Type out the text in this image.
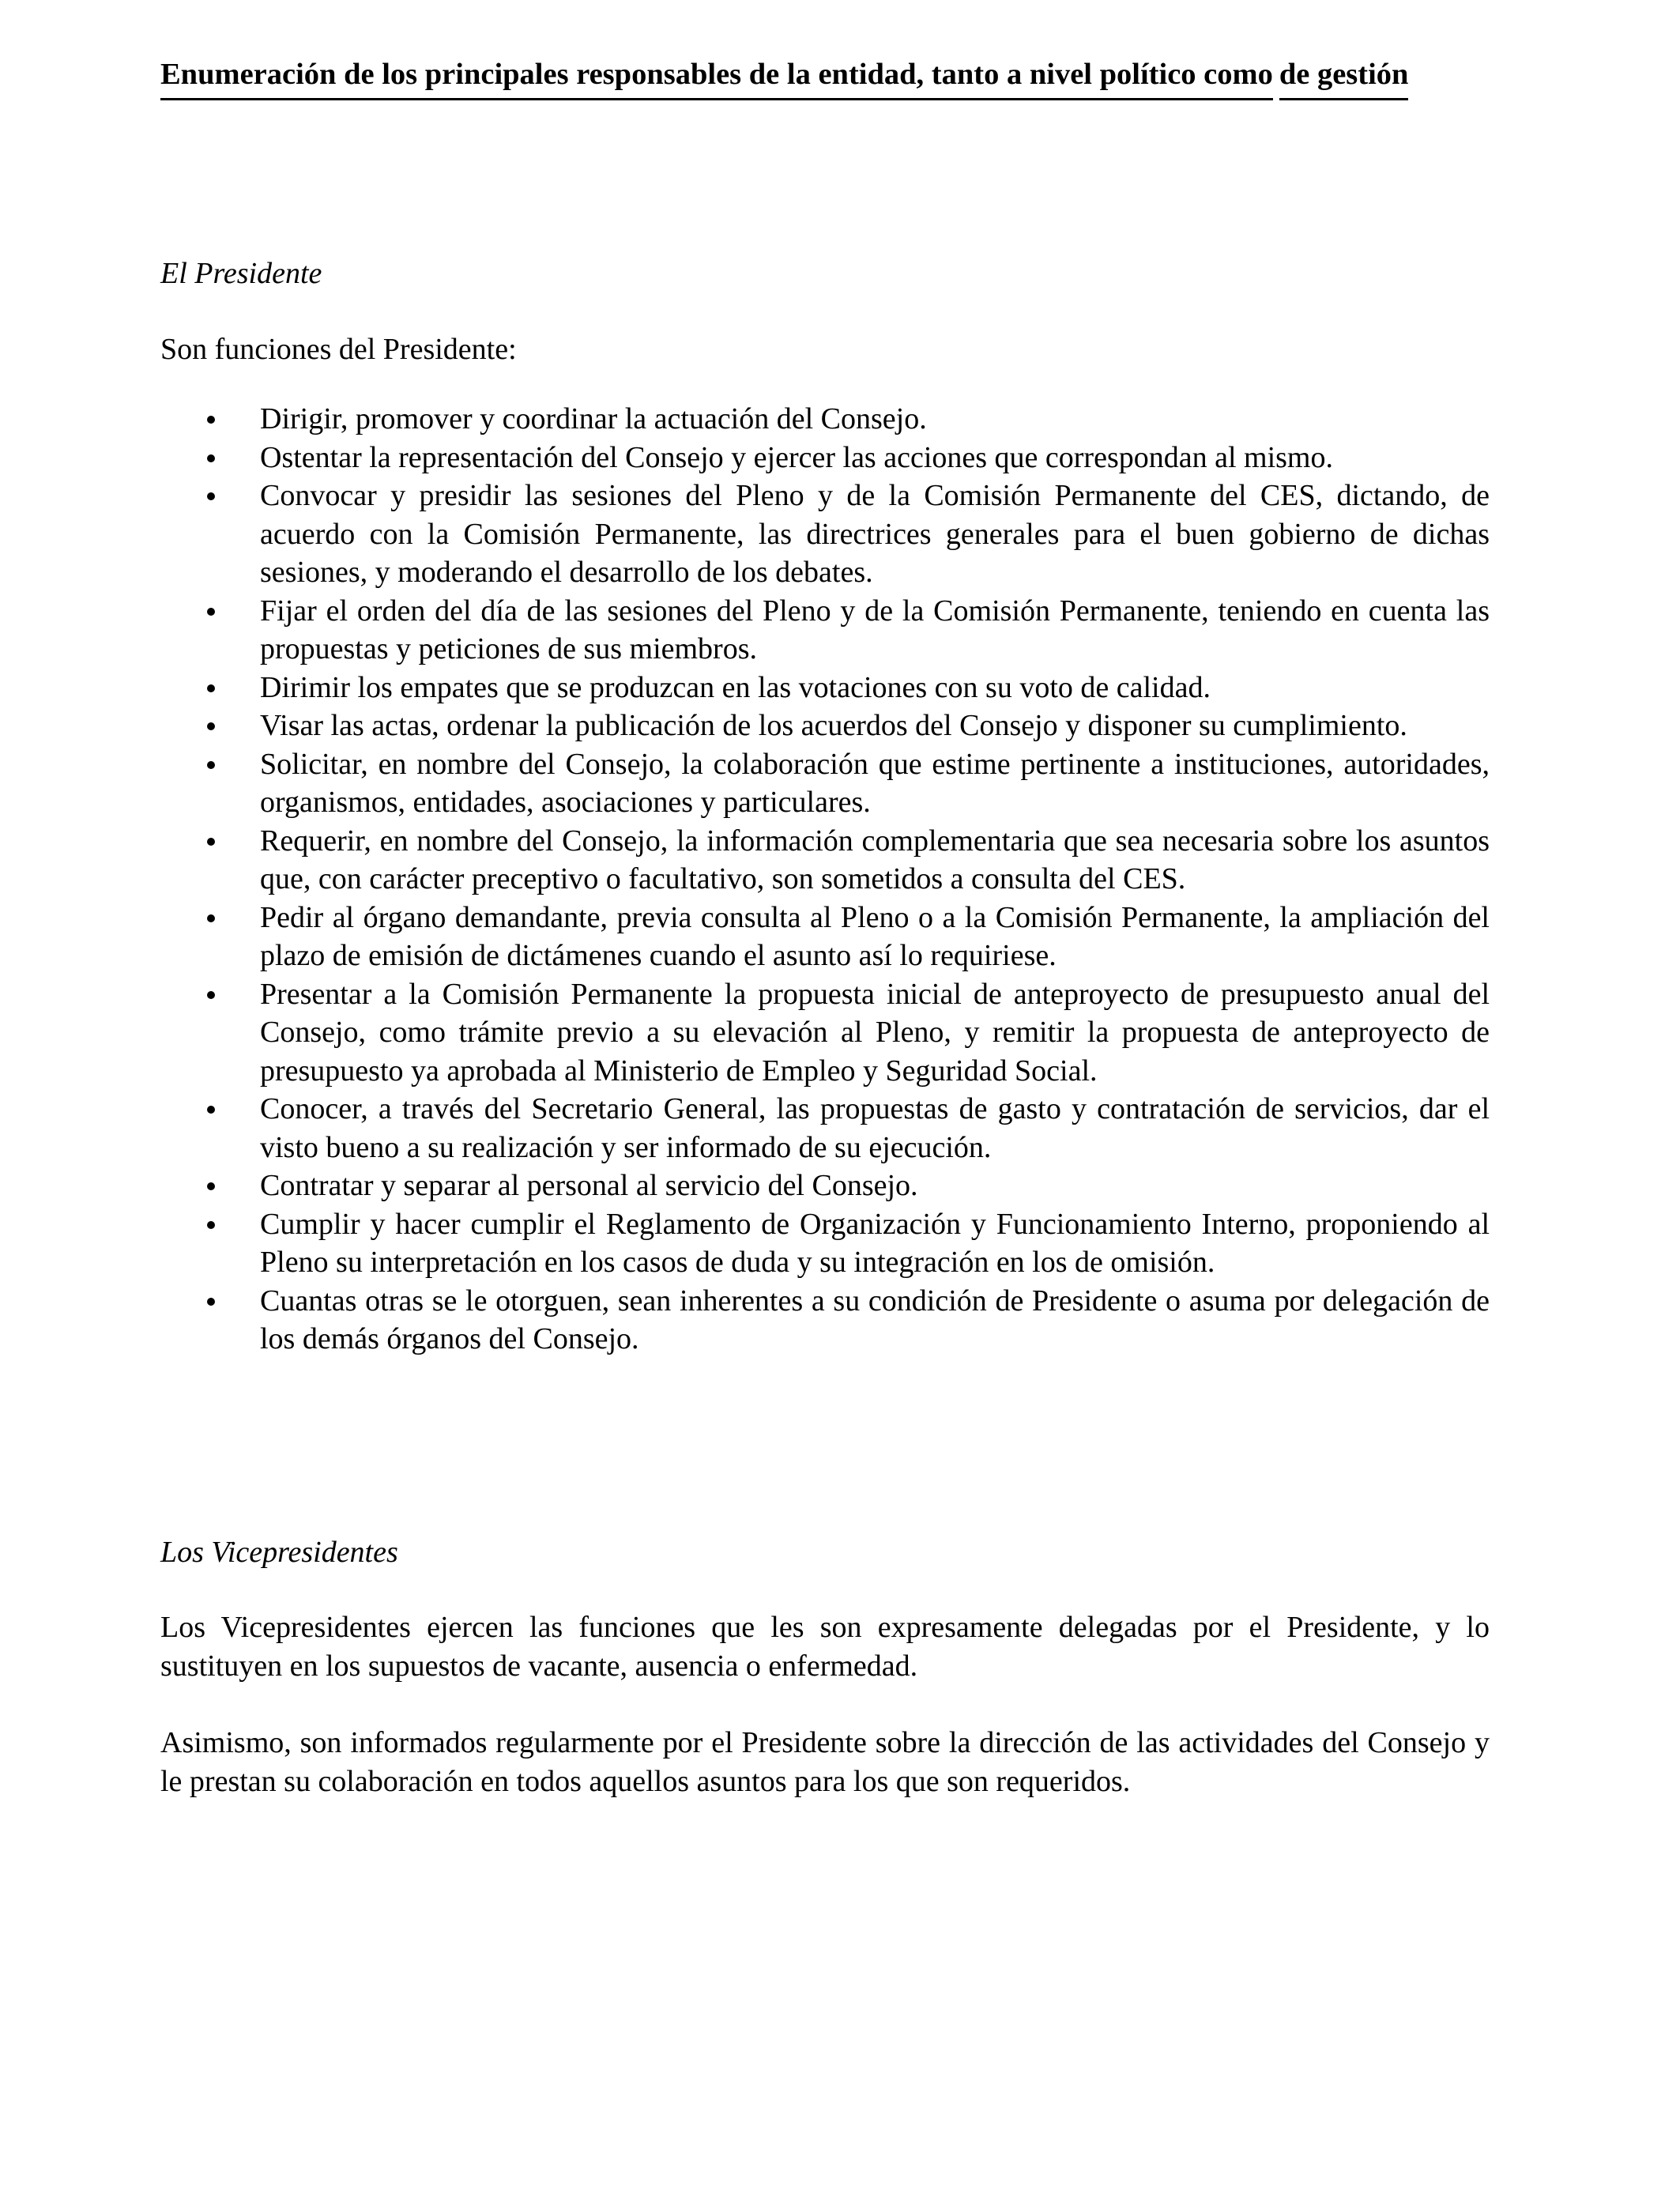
Enumeración de los principales responsables de la entidad, tanto a nivel político como de gestión
El Presidente

Son funciones del Presidente:

Dirigir, promover y coordinar la actuación del Consejo.
Ostentar la representación del Consejo y ejercer las acciones que correspondan al mismo.
Convocar y presidir las sesiones del Pleno y de la Comisión Permanente del CES, dictando, de acuerdo con la Comisión Permanente, las directrices generales para el buen gobierno de dichas sesiones, y moderando el desarrollo de los debates.
Fijar el orden del día de las sesiones del Pleno y de la Comisión Permanente, teniendo en cuenta las propuestas y peticiones de sus miembros.
Dirimir los empates que se produzcan en las votaciones con su voto de calidad.
Visar las actas, ordenar la publicación de los acuerdos del Consejo y disponer su cumplimiento.
Solicitar, en nombre del Consejo, la colaboración que estime pertinente a instituciones, autoridades, organismos, entidades, asociaciones y particulares.
Requerir, en nombre del Consejo, la información complementaria que sea necesaria sobre los asuntos que, con carácter preceptivo o facultativo, son sometidos a consulta del CES.
Pedir al órgano demandante, previa consulta al Pleno o a la Comisión Permanente, la ampliación del plazo de emisión de dictámenes cuando el asunto así lo requiriese.
Presentar a la Comisión Permanente la propuesta inicial de anteproyecto de presupuesto anual del Consejo, como trámite previo a su elevación al Pleno, y remitir la propuesta de anteproyecto de presupuesto ya aprobada al Ministerio de Empleo y Seguridad Social.
Conocer, a través del Secretario General, las propuestas de gasto y contratación de servicios, dar el visto bueno a su realización y ser informado de su ejecución.
Contratar y separar al personal al servicio del Consejo.
Cumplir y hacer cumplir el Reglamento de Organización y Funcionamiento Interno, proponiendo al Pleno su interpretación en los casos de duda y su integración en los de omisión.
Cuantas otras se le otorguen, sean inherentes a su condición de Presidente o asuma por delegación de los demás órganos del Consejo.
Los Vicepresidentes

Los Vicepresidentes ejercen las funciones que les son expresamente delegadas por el Presidente, y lo sustituyen en los supuestos de vacante, ausencia o enfermedad.

Asimismo, son informados regularmente por el Presidente sobre la dirección de las actividades del Consejo y le prestan su colaboración en todos aquellos asuntos para los que son requeridos.
